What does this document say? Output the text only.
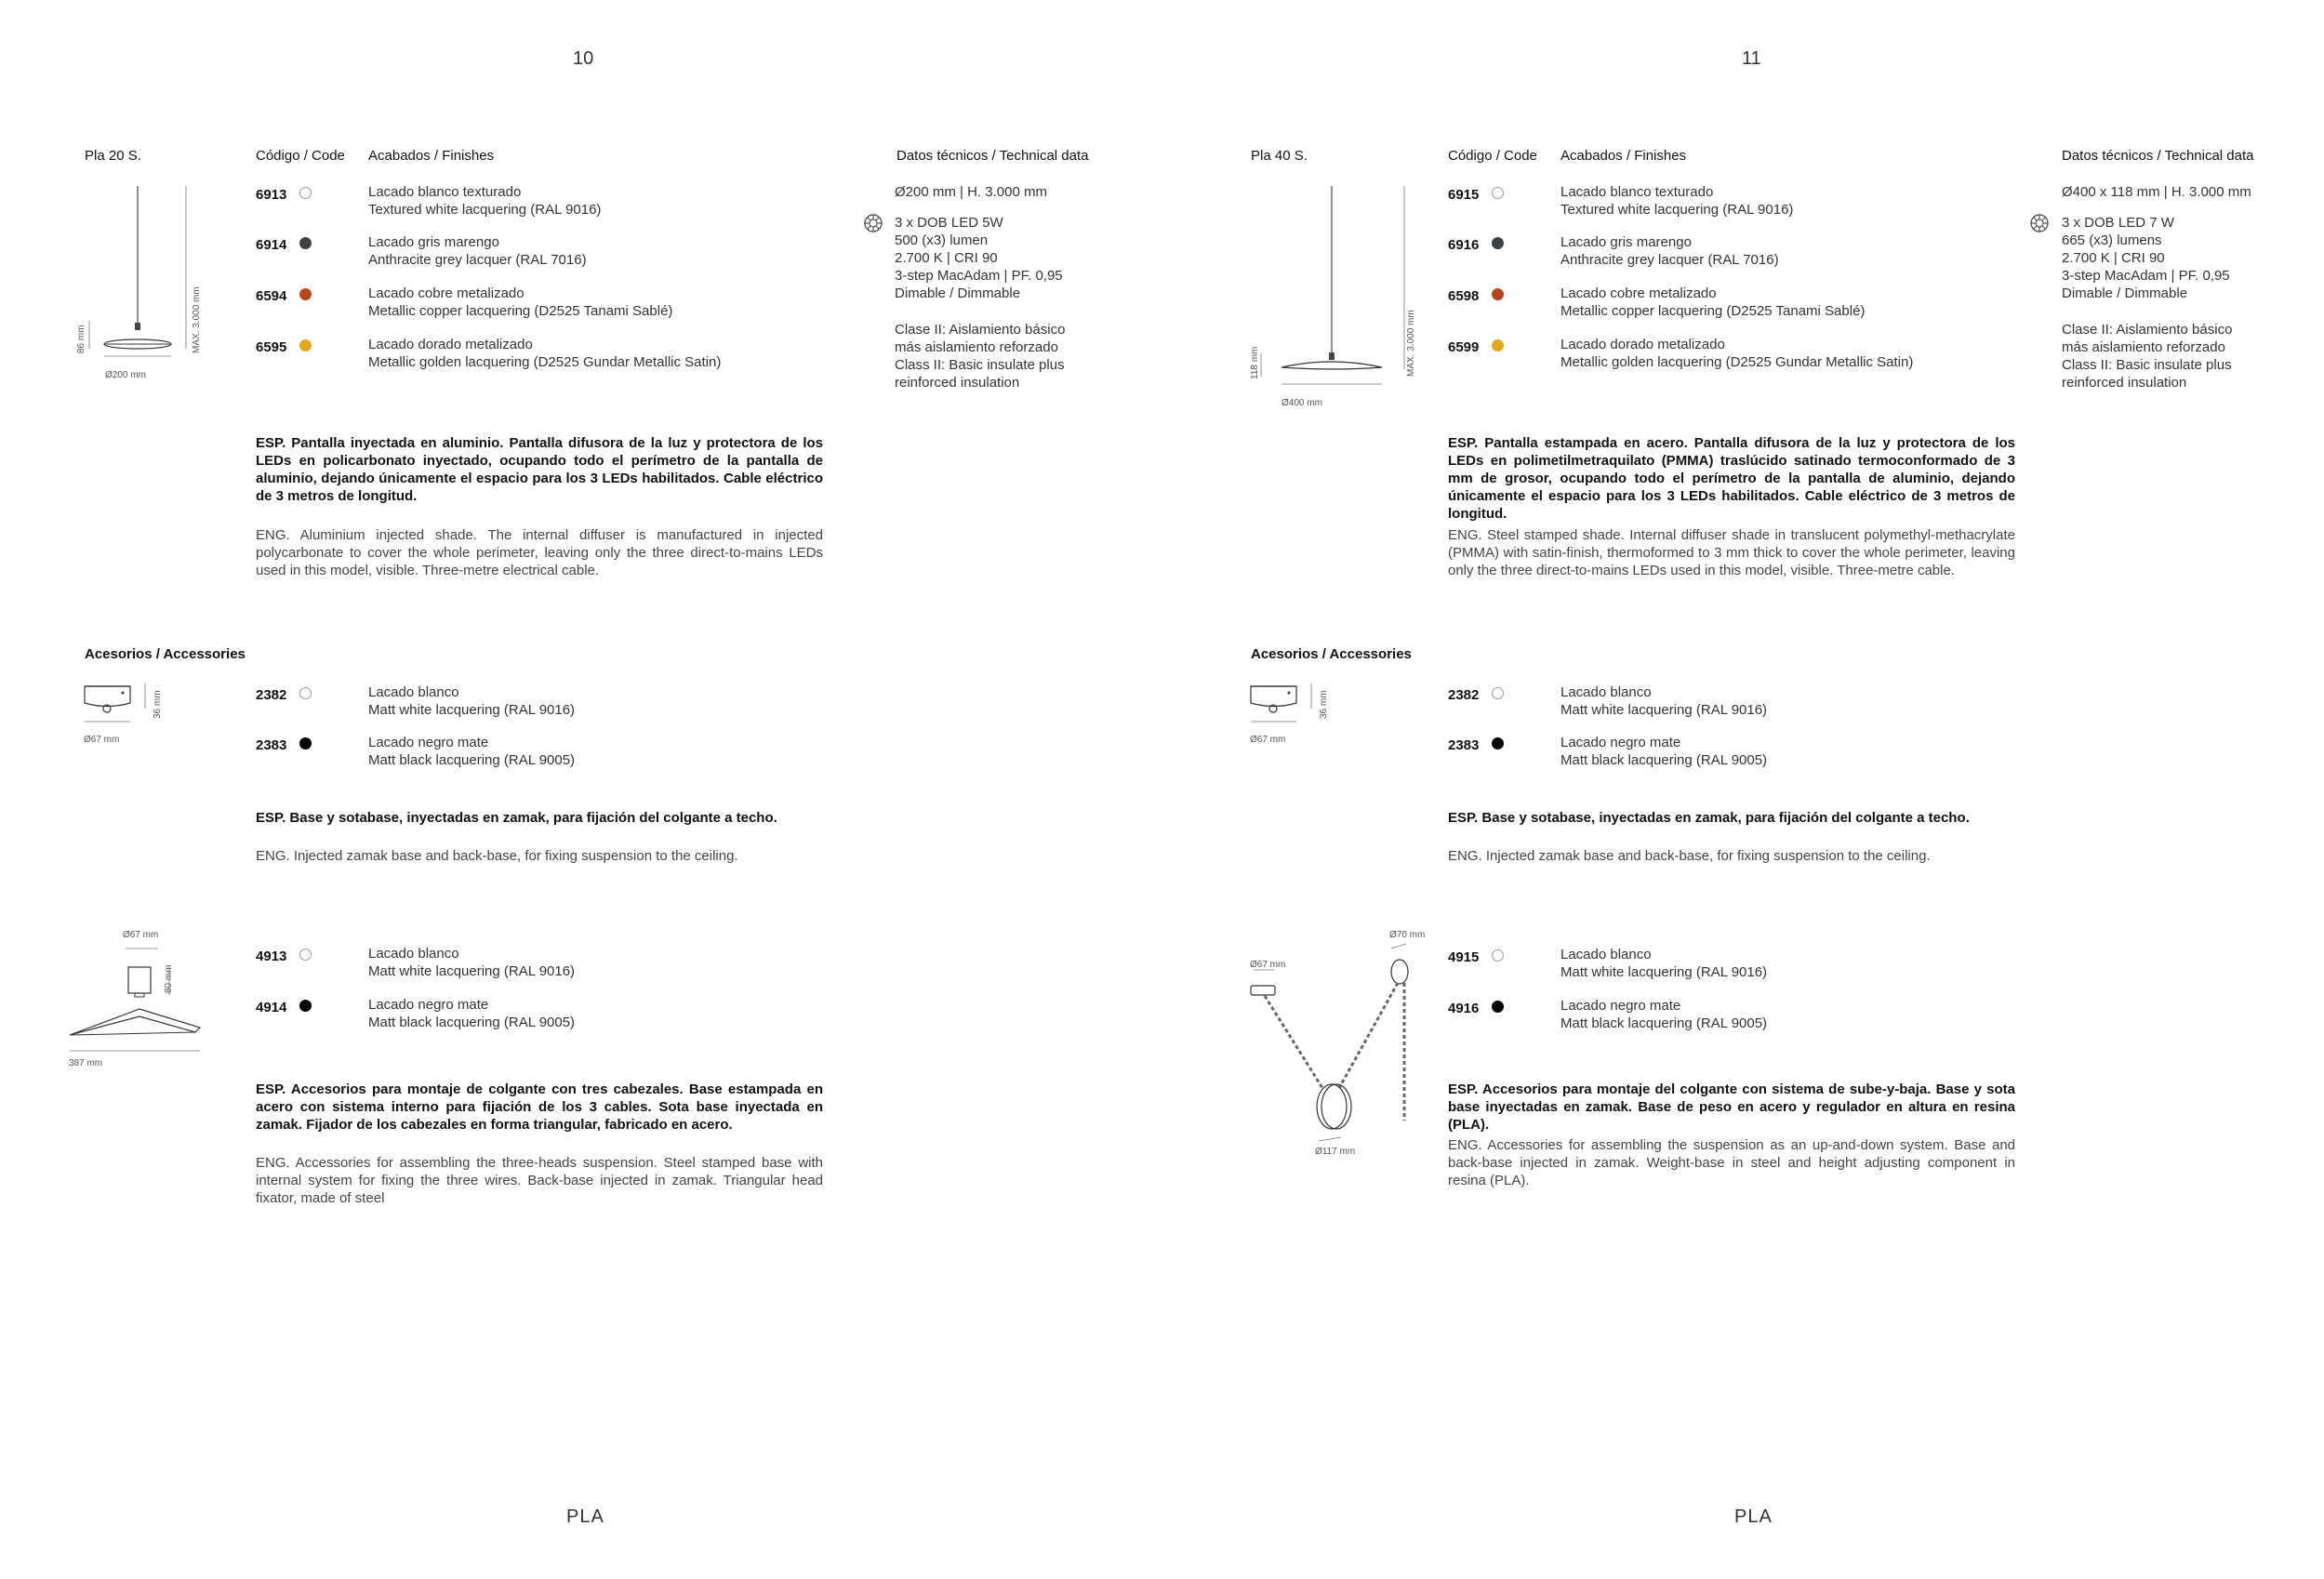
10
Pla 20 S.	Código / Code Acabados / Finishes	Datos técnicos / Technical data
86 mm	MAX. 3.000 mm
Ø200 mm
6913	Lacado blanco texturado
Textured white lacquering (RAL 9016)
6914	Lacado gris marengo
Anthracite grey lacquer (RAL 7016)
6594	Lacado cobre metalizado
Metallic copper lacquering (D2525 Tanami Sablé)
6595	Lacado dorado metalizado
Metallic golden lacquering (D2525 Gundar Metallic Satin)
Ø200 mm | H. 3.000 mm
3 x DOB LED 5W
500 (x3) lumen
2.700 K | CRI 90
3-step MacAdam | PF. 0,95
Dimable / Dimmable
Clase II: Aislamiento básico
más aislamiento reforzado
Class II: Basic insulate plus
reinforced insulation
ESP. Pantalla inyectada en aluminio. Pantalla difusora de la luz y protectora de los LEDs en policarbonato inyectado, ocupando todo el perímetro de la pantalla de aluminio, dejando únicamente el espacio para los 3 LEDs habilitados. Cable eléctrico de 3 metros de longitud.
ENG. Aluminium injected shade. The internal diffuser is manufactured in injected polycarbonate to cover the whole perimeter, leaving only the three direct-to-mains LEDs used in this model, visible. Three-metre electrical cable.
Acesorios / Accessories
36 mm
Ø67 mm
2382	Lacado blanco
Matt white lacquering (RAL 9016)
2383	Lacado negro mate
Matt black lacquering (RAL 9005)
ESP. Base y sotabase, inyectadas en zamak, para fijación del colgante a techo.
ENG. Injected zamak base and back-base, for fixing suspension to the ceiling.
Ø67 mm
80 mm
387 mm
4913	Lacado blanco
Matt white lacquering (RAL 9016)
4914	Lacado negro mate
Matt black lacquering (RAL 9005)
ESP. Accesorios para montaje de colgante con tres cabezales. Base estampada en acero con sistema interno para fijación de los 3 cables. Sota base inyectada en zamak. Fijador de los cabezales en forma triangular, fabricado en acero.
ENG. Accessories for assembling the three-heads suspension. Steel stamped base with internal system for fixing the three wires. Back-base injected in zamak. Triangular head fixator, made of steel
PLA
11
Pla 40 S.	Código / Code Acabados / Finishes	Datos técnicos / Technical data
118 mm	MAX. 3.000 mm
Ø400 mm
6915	Lacado blanco texturado
Textured white lacquering (RAL 9016)
6916	Lacado gris marengo
Anthracite grey lacquer (RAL 7016)
6598	Lacado cobre metalizado
Metallic copper lacquering (D2525 Tanami Sablé)
6599	Lacado dorado metalizado
Metallic golden lacquering (D2525 Gundar Metallic Satin)
Ø400 x 118 mm | H. 3.000 mm
3 x DOB LED 7 W
665 (x3) lumens
2.700 K | CRI 90
3-step MacAdam | PF. 0,95
Dimable / Dimmable
Clase II: Aislamiento básico
más aislamiento reforzado
Class II: Basic insulate plus
reinforced insulation
ESP. Pantalla estampada en acero. Pantalla difusora de la luz y protectora de los LEDs en polimetilmetraquilato (PMMA) traslúcido satinado termoconformado de 3 mm de grosor, ocupando todo el perímetro de la pantalla de aluminio, dejando únicamente el espacio para los 3 LEDs habilitados. Cable eléctrico de 3 metros de longitud.
ENG. Steel stamped shade. Internal diffuser shade in translucent polymethyl-methacrylate (PMMA) with satin-finish, thermoformed to 3 mm thick to cover the whole perimeter, leaving only the three direct-to-mains LEDs used in this model, visible. Three-metre cable.
Acesorios / Accessories
36 mm
Ø67 mm
2382	Lacado blanco
Matt white lacquering (RAL 9016)
2383	Lacado negro mate
Matt black lacquering (RAL 9005)
ESP. Base y sotabase, inyectadas en zamak, para fijación del colgante a techo.
ENG. Injected zamak base and back-base, for fixing suspension to the ceiling.
Ø67 mm
Ø70 mm
Ø117 mm
4915	Lacado blanco
Matt white lacquering (RAL 9016)
4916	Lacado negro mate
Matt black lacquering (RAL 9005)
ESP. Accesorios para montaje del colgante con sistema de sube-y-baja. Base y sota base inyectadas en zamak. Base de peso en acero y regulador en altura en resina (PLA).
ENG. Accessories for assembling the suspension as an up-and-down system. Base and back-base injected in zamak. Weight-base in steel and height adjusting component in resina (PLA).
PLA
